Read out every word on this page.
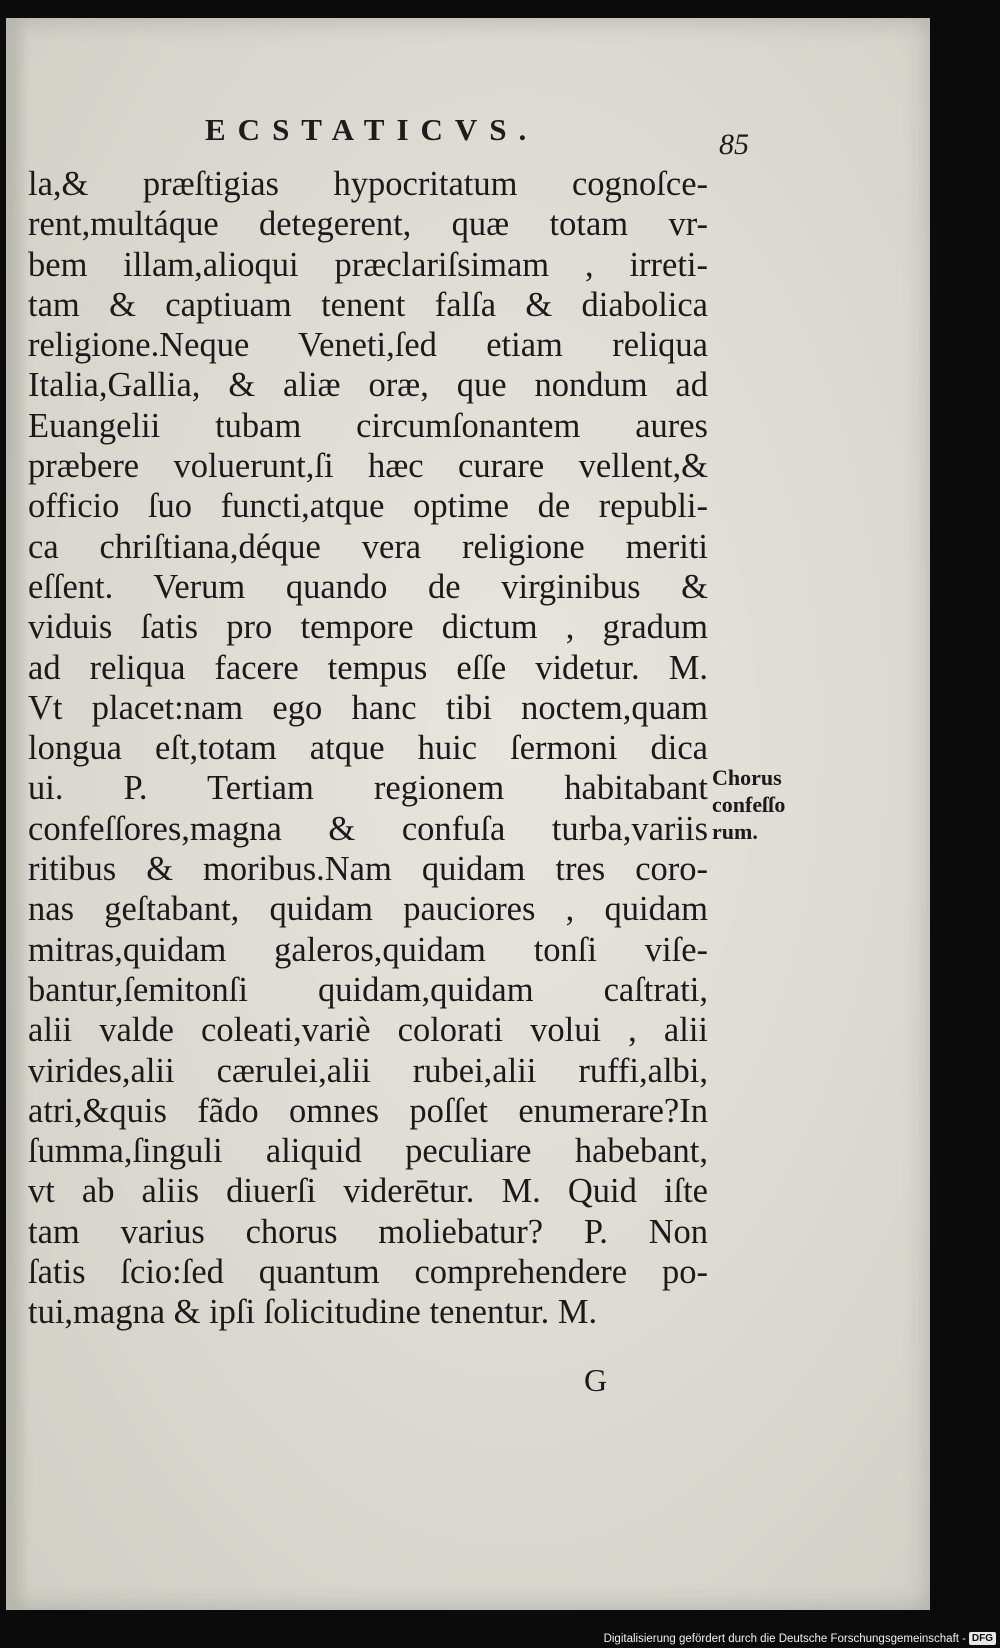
ECSTATICVS.	85
la,& præſtigias hypocritatum cognoſce-
rent,multáque detegerent, quæ totam vr-
bem illam,alioqui præclariſsimam , irreti-
tam & captiuam tenent falſa & diabolica
religione.Neque Veneti,ſed etiam reliqua
Italia,Gallia, & aliæ oræ, que nondum ad
Euangelii tubam circumſonantem aures
præbere voluerunt,ſi hæc curare vellent,&
officio ſuo functi,atque optime de republi-
ca chriſtiana,déque vera religione meriti
eſſent. Verum quando de virginibus &
viduis ſatis pro tempore dictum , gradum
ad reliqua facere tempus eſſe videtur. M.
Vt placet:nam ego hanc tibi noctem,quam
longua eſt,totam atque huic ſermoni dica
ui. P. Tertiam regionem habitabant
confeſſores,magna & confuſa turba,variis
ritibus & moribus.Nam quidam tres coro-
nas geſtabant, quidam pauciores , quidam
mitras,quidam galeros,quidam tonſi viſe-
bantur,ſemitonſi quidam,quidam caſtrati,
alii valde coleati,variè colorati volui , alii
virides,alii cærulei,alii rubei,alii ruffi,albi,
atri,&quis fãdo omnes poſſet enumerare?In
ſumma,ſinguli aliquid peculiare habebant,
vt ab aliis diuerſi viderētur. M. Quid iſte
tam varius chorus moliebatur? P. Non
ſatis ſcio:ſed quantum comprehendere po-
tui,magna & ipſi ſolicitudine tenentur. M.
Chorus
confeſſo
rum.
G
Digitalisierung gefördert durch die Deutsche Forschungsgemeinschaft - DFG
